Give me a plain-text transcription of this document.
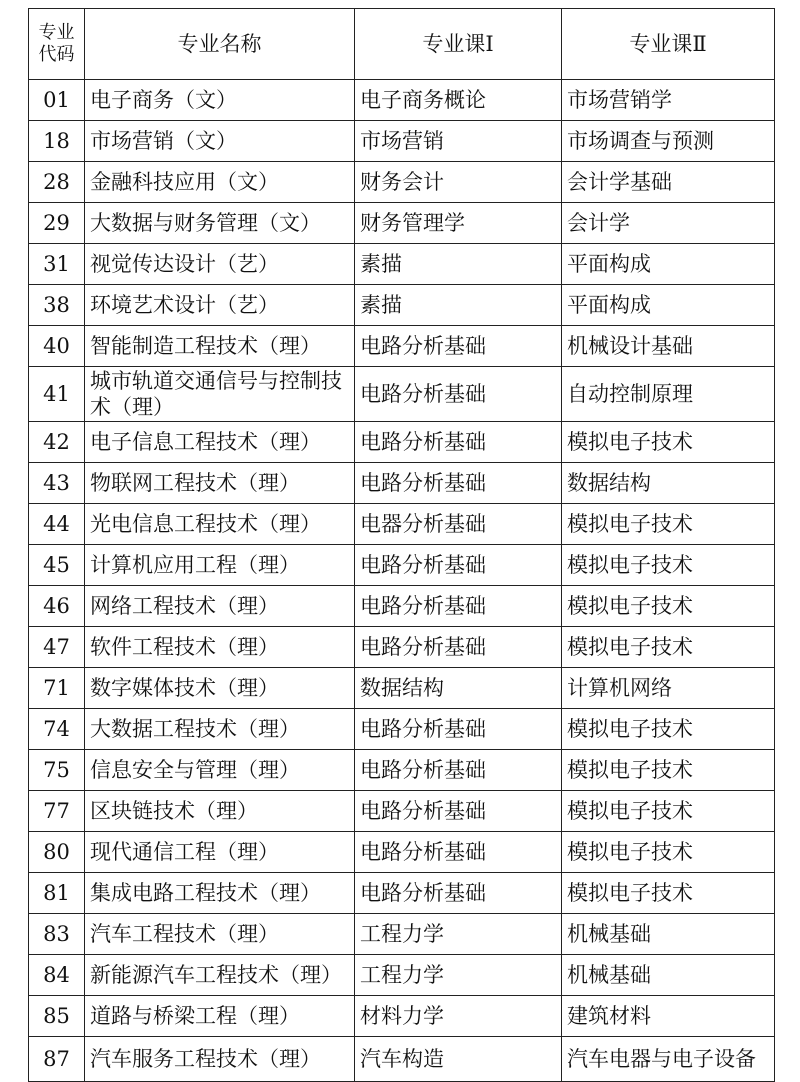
专业代码	专业名称	专业课Ⅰ	专业课Ⅱ
01	电子商务（文）	电子商务概论	市场营销学
18	市场营销（文）	市场营销	市场调查与预测
28	金融科技应用（文）	财务会计	会计学基础
29	大数据与财务管理（文）	财务管理学	会计学
31	视觉传达设计（艺）	素描	平面构成
38	环境艺术设计（艺）	素描	平面构成
40	智能制造工程技术（理）	电路分析基础	机械设计基础
41	城市轨道交通信号与控制技术（理）	电路分析基础	自动控制原理
42	电子信息工程技术（理）	电路分析基础	模拟电子技术
43	物联网工程技术（理）	电路分析基础	数据结构
44	光电信息工程技术（理）	电器分析基础	模拟电子技术
45	计算机应用工程（理）	电路分析基础	模拟电子技术
46	网络工程技术（理）	电路分析基础	模拟电子技术
47	软件工程技术（理）	电路分析基础	模拟电子技术
71	数字媒体技术（理）	数据结构	计算机网络
74	大数据工程技术（理）	电路分析基础	模拟电子技术
75	信息安全与管理（理）	电路分析基础	模拟电子技术
77	区块链技术（理）	电路分析基础	模拟电子技术
80	现代通信工程（理）	电路分析基础	模拟电子技术
81	集成电路工程技术（理）	电路分析基础	模拟电子技术
83	汽车工程技术（理）	工程力学	机械基础
84	新能源汽车工程技术（理）	工程力学	机械基础
85	道路与桥梁工程（理）	材料力学	建筑材料
87	汽车服务工程技术（理）	汽车构造	汽车电器与电子设备
